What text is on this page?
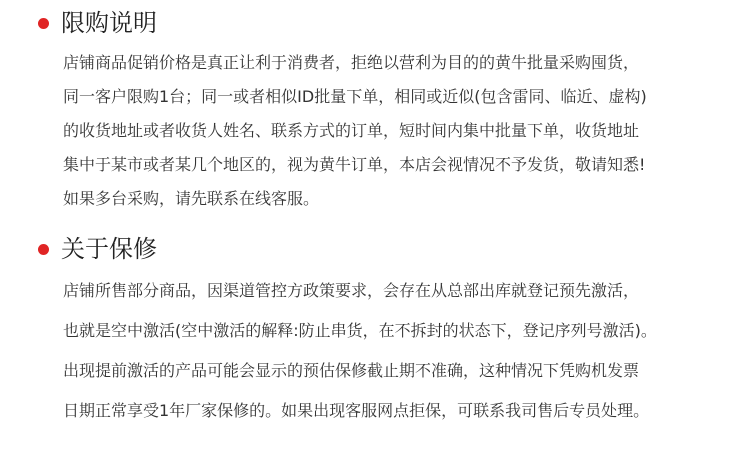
限购说明
店铺商品促销价格是真正让利于消费者，拒绝以营利为目的的黄牛批量采购囤货，
同一客户限购1台；同一或者相似ID批量下单，相同或近似(包含雷同、临近、虚构)
的收货地址或者收货人姓名、联系方式的订单，短时间内集中批量下单，收货地址
集中于某市或者某几个地区的，视为黄牛订单，本店会视情况不予发货，敬请知悉!
如果多台采购，请先联系在线客服。
关于保修
店铺所售部分商品，因渠道管控方政策要求，会存在从总部出库就登记预先激活，
也就是空中激活(空中激活的解释:防止串货，在不拆封的状态下，登记序列号激活)。
出现提前激活的产品可能会显示的预估保修截止期不准确，这种情况下凭购机发票
日期正常享受1年厂家保修的。如果出现客服网点拒保，可联系我司售后专员处理。
